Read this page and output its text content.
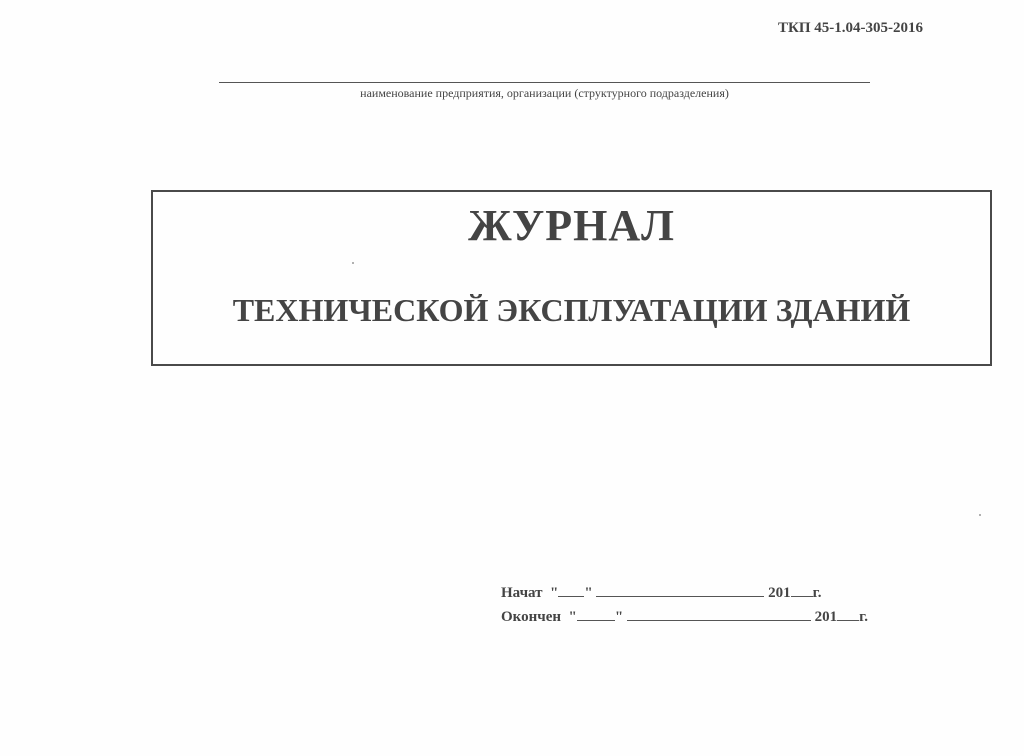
ТКП 45-1.04-305-2016
наименование предприятия, организации (структурного подразделения)
ЖУРНАЛ
ТЕХНИЧЕСКОЙ ЭКСПЛУАТАЦИИ ЗДАНИЙ
Начат  " "	201 г.
Окончен  "	"	201 г.
